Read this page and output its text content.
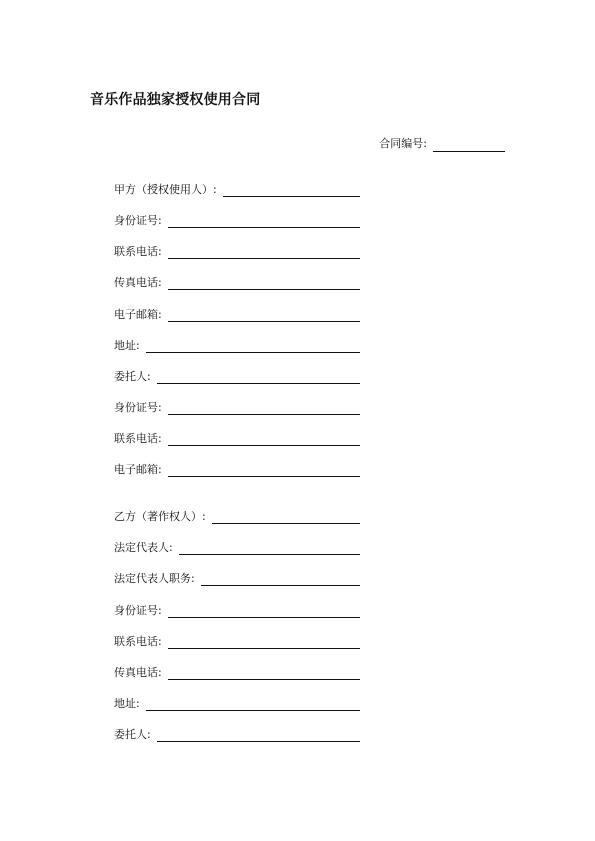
音乐作品独家授权使用合同
合同编号:
甲方（授权使用人）:
身份证号:
联系电话:
传真电话:
电子邮箱:
地址:
委托人:
身份证号:
联系电话:
电子邮箱:
乙方（著作权人）:
法定代表人:
法定代表人职务:
身份证号:
联系电话:
传真电话:
地址:
委托人:
